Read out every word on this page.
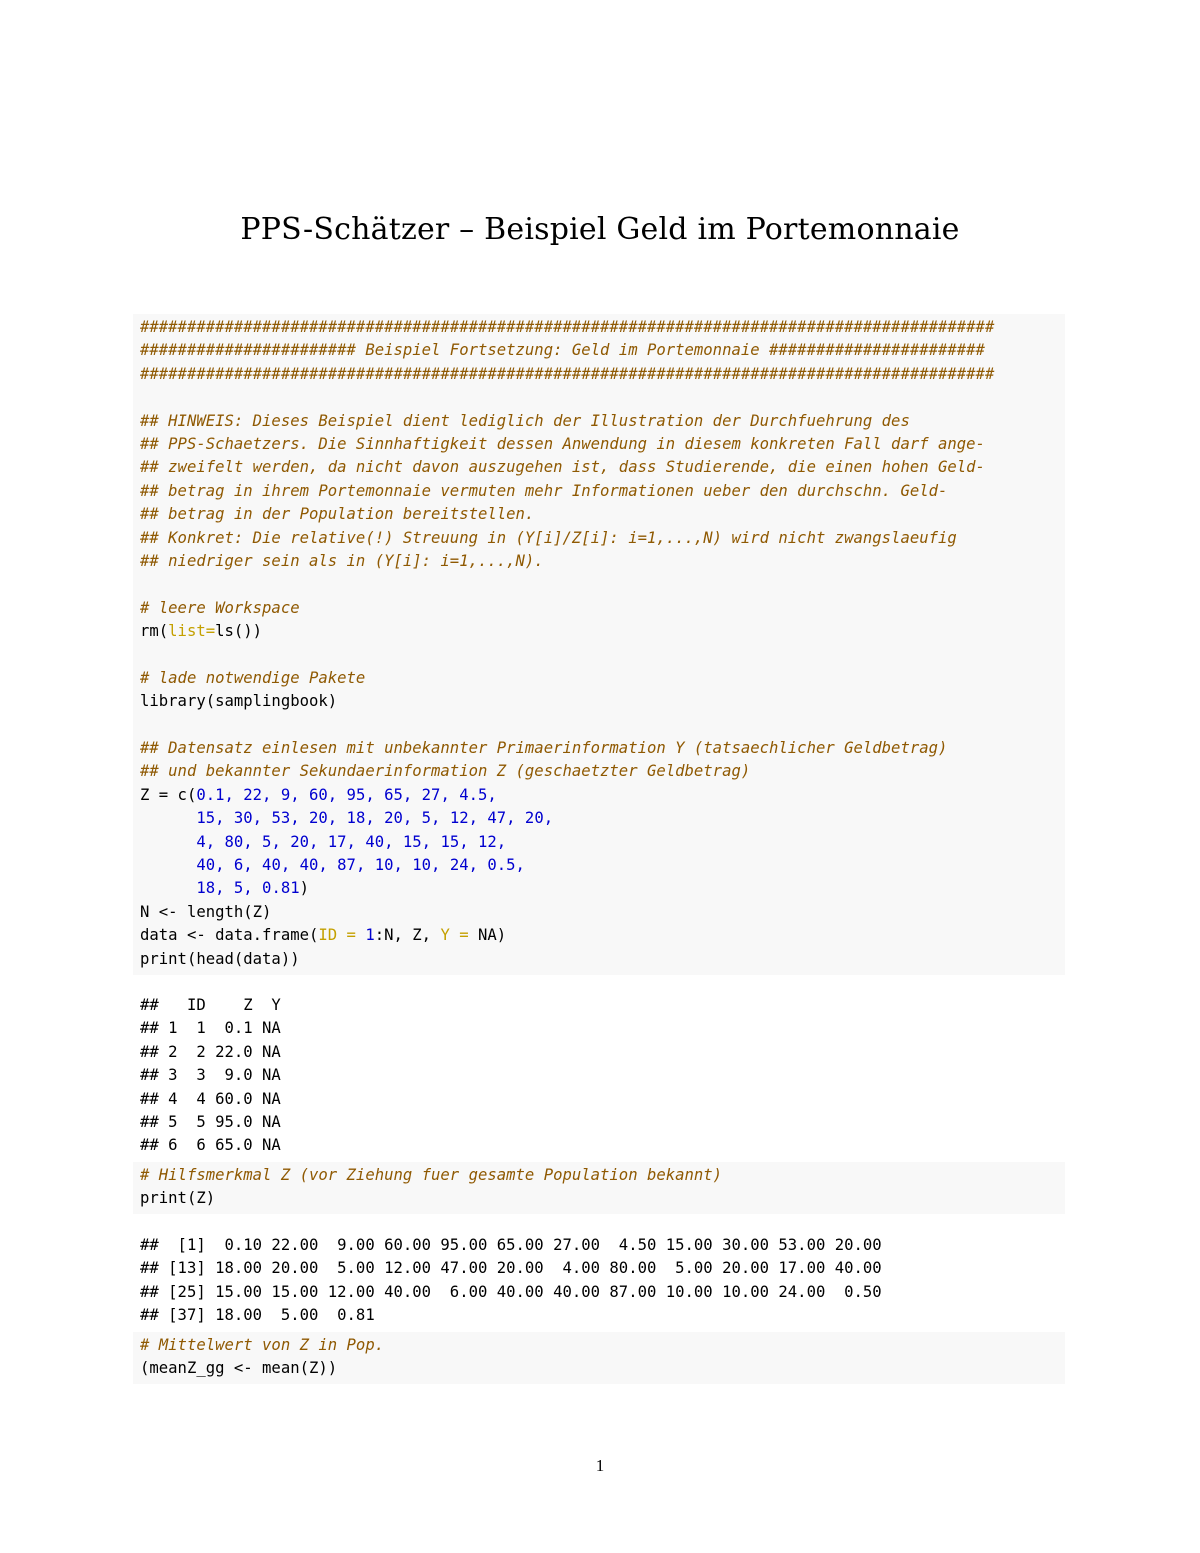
PPS-Schätzer – Beispiel Geld im Portemonnaie
###########################################################################################
####################### Beispiel Fortsetzung: Geld im Portemonnaie #######################
###########################################################################################
## HINWEIS: Dieses Beispiel dient lediglich der Illustration der Durchfuehrung des
## PPS-Schaetzers. Die Sinnhaftigkeit dessen Anwendung in diesem konkreten Fall darf ange-
## zweifelt werden, da nicht davon auszugehen ist, dass Studierende, die einen hohen Geld-
## betrag in ihrem Portemonnaie vermuten mehr Informationen ueber den durchschn. Geld-
## betrag in der Population bereitstellen.
## Konkret: Die relative(!) Streuung in (Y[i]/Z[i]: i=1,...,N) wird nicht zwangslaeufig
## niedriger sein als in (Y[i]: i=1,...,N).
# leere Workspace
rm(list=ls())
# lade notwendige Pakete
library(samplingbook)
## Datensatz einlesen mit unbekannter Primaerinformation Y (tatsaechlicher Geldbetrag)
## und bekannter Sekundaerinformation Z (geschaetzter Geldbetrag)
Z = c(0.1, 22, 9, 60, 95, 65, 27, 4.5,
15, 30, 53, 20, 18, 20, 5, 12, 47, 20,
4, 80, 5, 20, 17, 40, 15, 15, 12,
40, 6, 40, 40, 87, 10, 10, 24, 0.5,
18, 5, 0.81)
N <- length(Z)
data <- data.frame(ID = 1:N, Z, Y = NA)
print(head(data))
##   ID    Z  Y
## 1  1  0.1 NA
## 2  2 22.0 NA
## 3  3  9.0 NA
## 4  4 60.0 NA
## 5  5 95.0 NA
## 6  6 65.0 NA
# Hilfsmerkmal Z (vor Ziehung fuer gesamte Population bekannt)
print(Z)
##  [1]  0.10 22.00  9.00 60.00 95.00 65.00 27.00  4.50 15.00 30.00 53.00 20.00
## [13] 18.00 20.00  5.00 12.00 47.00 20.00  4.00 80.00  5.00 20.00 17.00 40.00
## [25] 15.00 15.00 12.00 40.00  6.00 40.00 40.00 87.00 10.00 10.00 24.00  0.50
## [37] 18.00  5.00  0.81
# Mittelwert von Z in Pop.
(meanZ_gg <- mean(Z))
1
